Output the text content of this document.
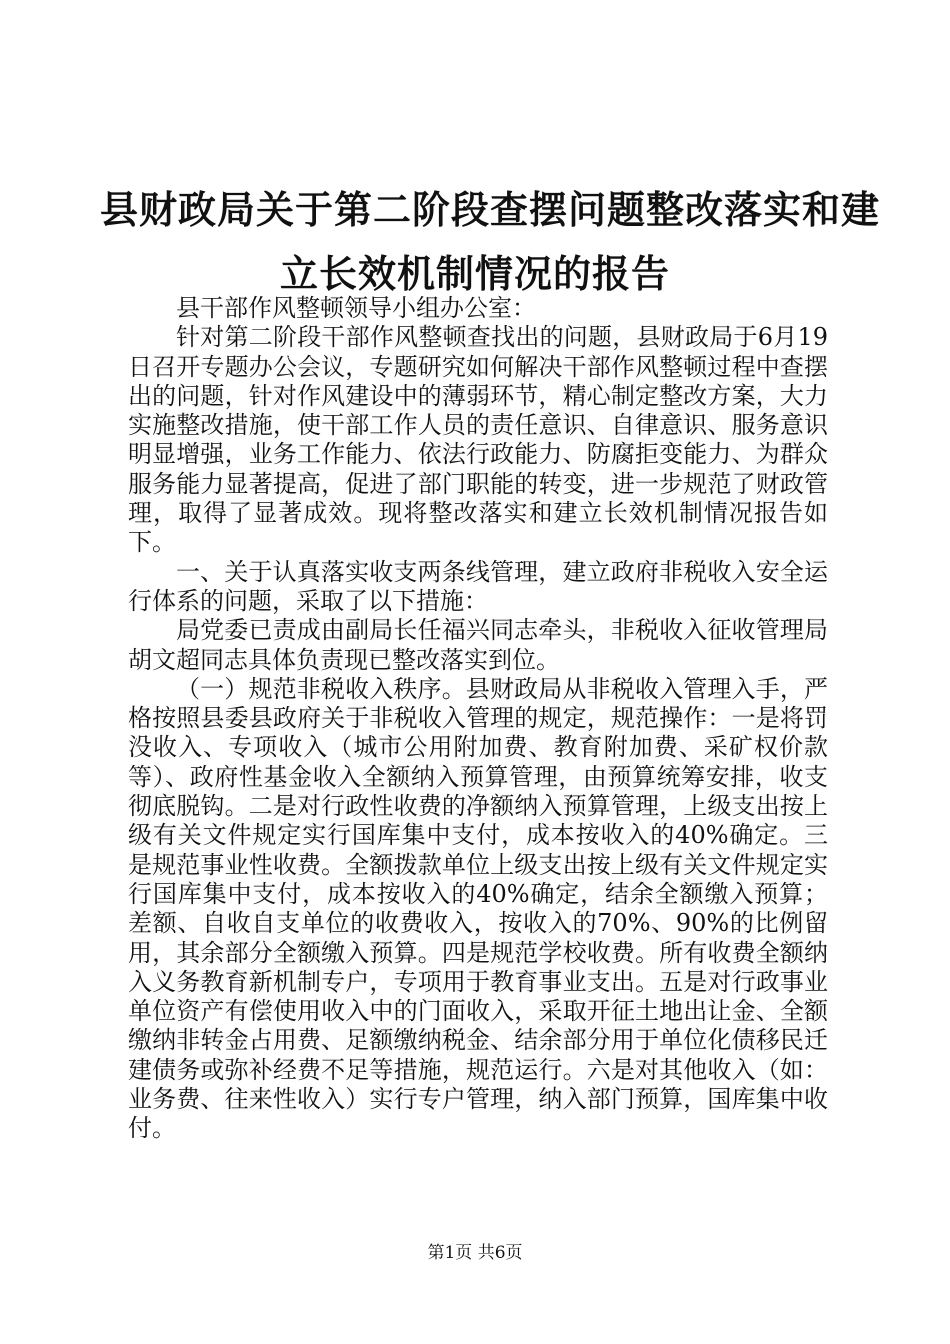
县财政局关于第二阶段查摆问题整改落实和建
立长效机制情况的报告

县干部作风整顿领导小组办公室：

针对第二阶段干部作风整顿查找出的问题，县财政局于6月19日召开专题办公会议，专题研究如何解决干部作风整顿过程中查摆出的问题，针对作风建设中的薄弱环节，精心制定整改方案，大力实施整改措施，使干部工作人员的责任意识、自律意识、服务意识明显增强，业务工作能力、依法行政能力、防腐拒变能力、为群众服务能力显著提高，促进了部门职能的转变，进一步规范了财政管理，取得了显著成效。现将整改落实和建立长效机制情况报告如下。

一、关于认真落实收支两条线管理，建立政府非税收入安全运行体系的问题，采取了以下措施：

局党委已责成由副局长任福兴同志牵头，非税收入征收管理局胡文超同志具体负责现已整改落实到位。

（一）规范非税收入秩序。县财政局从非税收入管理入手，严格按照县委县政府关于非税收入管理的规定，规范操作：一是将罚没收入、专项收入（城市公用附加费、教育附加费、采矿权价款等）、政府性基金收入全额纳入预算管理，由预算统筹安排，收支彻底脱钩。二是对行政性收费的净额纳入预算管理，上级支出按上级有关文件规定实行国库集中支付，成本按收入的40%确定。三是规范事业性收费。全额拨款单位上级支出按上级有关文件规定实行国库集中支付，成本按收入的40%确定，结余全额缴入预算；差额、自收自支单位的收费收入，按收入的70%、90%的比例留用，其余部分全额缴入预算。四是规范学校收费。所有收费全额纳入义务教育新机制专户，专项用于教育事业支出。五是对行政事业单位资产有偿使用收入中的门面收入，采取开征土地出让金、全额缴纳非转金占用费、足额缴纳税金、结余部分用于单位化债移民迁建债务或弥补经费不足等措施，规范运行。六是对其他收入（如：业务费、往来性收入）实行专户管理，纳入部门预算，国库集中收付。

第1页 共6页
